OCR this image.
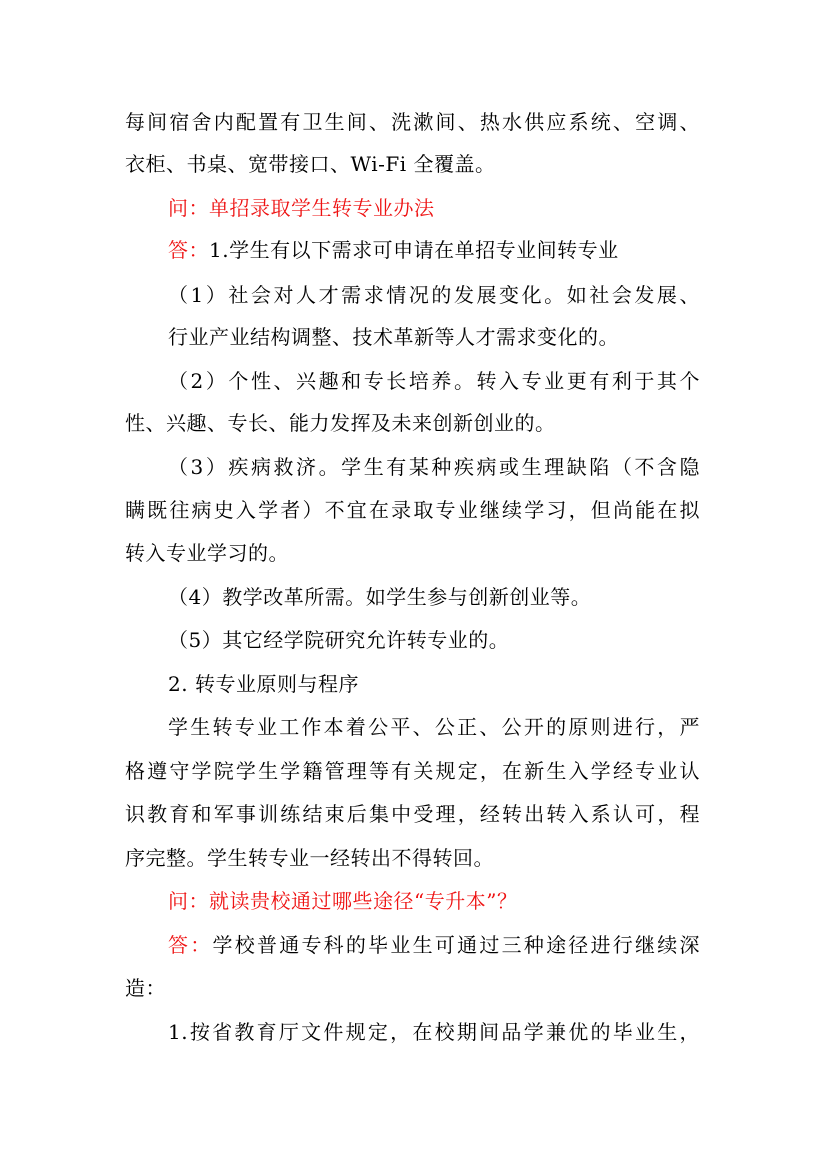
每间宿舍内配置有卫生间、洗漱间、热水供应系统、空调、
衣柜、书桌、宽带接口、Wi-Fi 全覆盖。
问：单招录取学生转专业办法
答：1.学生有以下需求可申请在单招专业间转专业
（1）社会对人才需求情况的发展变化。如社会发展、
行业产业结构调整、技术革新等人才需求变化的。
（2）个性、兴趣和专长培养。转入专业更有利于其个
性、兴趣、专长、能力发挥及未来创新创业的。
（3）疾病救济。学生有某种疾病或生理缺陷（不含隐
瞒既往病史入学者）不宜在录取专业继续学习，但尚能在拟
转入专业学习的。
（4）教学改革所需。如学生参与创新创业等。
（5）其它经学院研究允许转专业的。
2. 转专业原则与程序
学生转专业工作本着公平、公正、公开的原则进行，严
格遵守学院学生学籍管理等有关规定，在新生入学经专业认
识教育和军事训练结束后集中受理，经转出转入系认可，程
序完整。学生转专业一经转出不得转回。
问：就读贵校通过哪些途径“专升本”？
答：学校普通专科的毕业生可通过三种途径进行继续深
造：
1.按省教育厅文件规定，在校期间品学兼优的毕业生，
